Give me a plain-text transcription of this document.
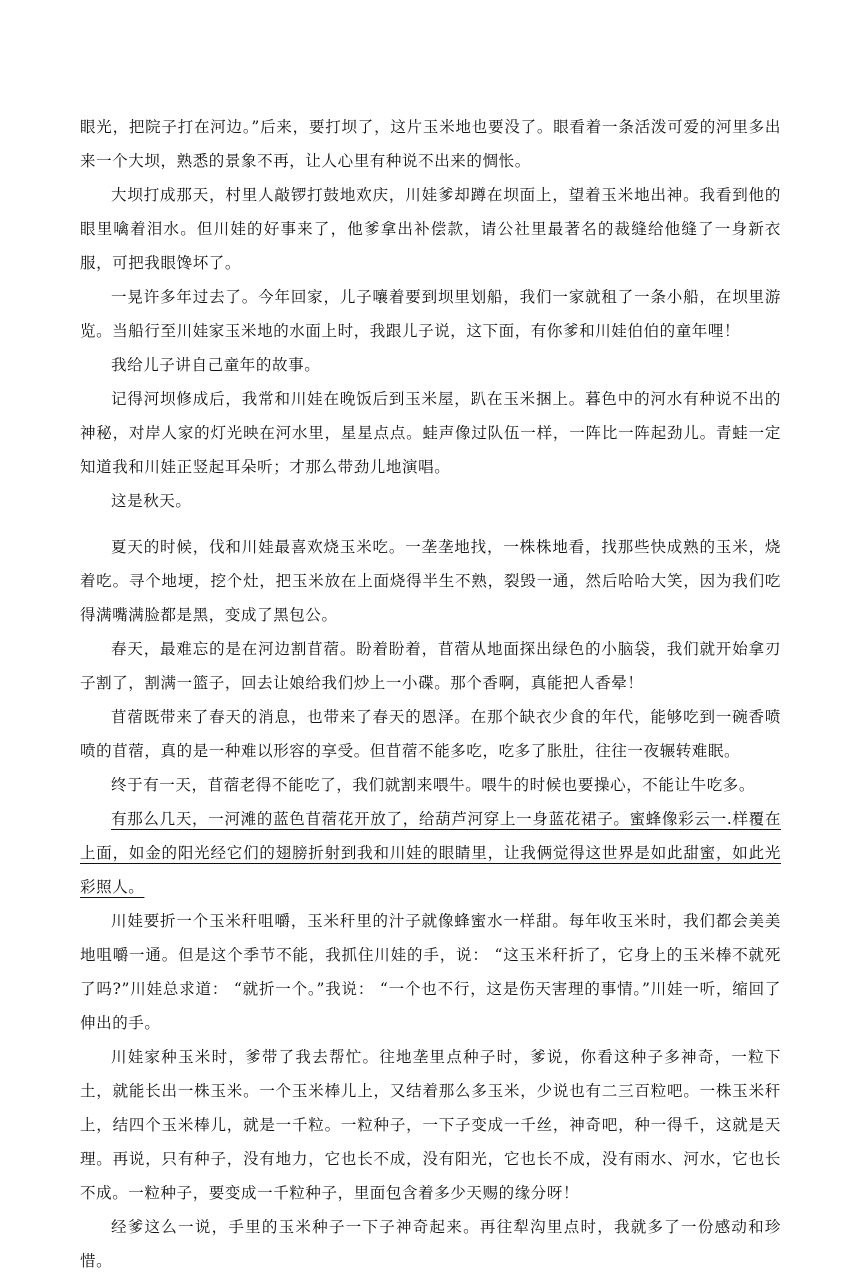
眼光，把院子打在河边。”后来，要打坝了，这片玉米地也要没了。眼看着一条活泼可爱的河里多出来一个大坝，熟悉的景象不再，让人心里有种说不出来的惆怅。

大坝打成那天，村里人敲锣打鼓地欢庆，川娃爹却蹲在坝面上，望着玉米地出神。我看到他的眼里噙着泪水。但川娃的好事来了，他爹拿出补偿款，请公社里最著名的裁缝给他缝了一身新衣服，可把我眼馋坏了。

一晃许多年过去了。今年回家，儿子嚷着要到坝里划船，我们一家就租了一条小船，在坝里游览。当船行至川娃家玉米地的水面上时，我跟儿子说，这下面，有你爹和川娃伯伯的童年哩！

我给儿子讲自己童年的故事。

记得河坝修成后，我常和川娃在晚饭后到玉米屋，趴在玉米捆上。暮色中的河水有种说不出的神秘，对岸人家的灯光映在河水里，星星点点。蛙声像过队伍一样，一阵比一阵起劲儿。青蛙一定知道我和川娃正竖起耳朵听；才那么带劲儿地演唱。

这是秋天。

夏天的时候，伐和川娃最喜欢烧玉米吃。一垄垄地找，一株株地看，找那些快成熟的玉米，烧着吃。寻个地埂，挖个灶，把玉米放在上面烧得半生不熟，裂毁一通，然后哈哈大笑，因为我们吃得满嘴满脸都是黑，变成了黑包公。

春天，最难忘的是在河边割苜蓿。盼着盼着，苜蓿从地面探出绿色的小脑袋，我们就开始拿刃子割了，割满一篮子，回去让娘给我们炒上一小碟。那个香啊，真能把人香晕！

苜蓿既带来了春天的消息，也带来了春天的恩泽。在那个缺衣少食的年代，能够吃到一碗香喷喷的苜蓿，真的是一种难以形容的享受。但苜蓿不能多吃，吃多了胀肚，往往一夜辗转难眠。

终于有一天，苜蓿老得不能吃了，我们就割来喂牛。喂牛的时候也要操心，不能让牛吃多。

有那么几天，一河滩的蓝色苜蓿花开放了，给葫芦河穿上一身蓝花裙子。蜜蜂像彩云一.样覆在上面，如金的阳光经它们的翅膀折射到我和川娃的眼睛里，让我俩觉得这世界是如此甜蜜，如此光彩照人。

川娃要折一个玉米秆咀嚼，玉米秆里的汁子就像蜂蜜水一样甜。每年收玉米时，我们都会美美地咀嚼一通。但是这个季节不能，我抓住川娃的手，说： “这玉米秆折了，它身上的玉米棒不就死了吗?”川娃总求道： “就折一个。”我说： “一个也不行，这是伤天害理的事情。”川娃一听，缩回了伸出的手。

川娃家种玉米时，爹带了我去帮忙。往地垄里点种子时，爹说，你看这种子多神奇，一粒下土，就能长出一株玉米。一个玉米棒儿上，又结着那么多玉米，少说也有二三百粒吧。一株玉米秆上，结四个玉米棒儿，就是一千粒。一粒种子，一下子变成一千丝，神奇吧，种一得千，这就是天理。再说，只有种子，没有地力，它也长不成，没有阳光，它也长不成，没有雨水、河水，它也长不成。一粒种子，要变成一千粒种子，里面包含着多少天赐的缘分呀！

经爹这么一说，手里的玉米种子一下子神奇起来。再往犁沟里点时，我就多了一份感动和珍惜。
